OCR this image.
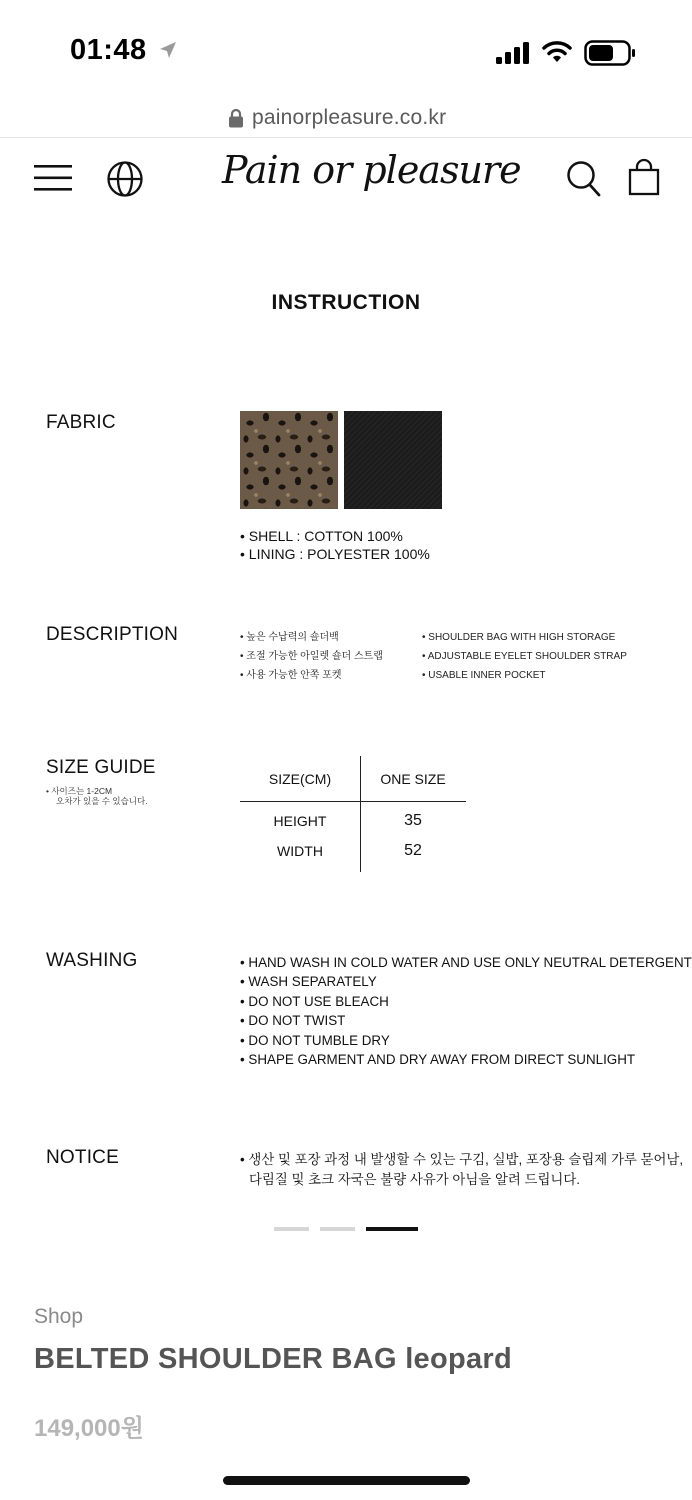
01:48
painorpleasure.co.kr
Pain or pleasure
INSTRUCTION
FABRIC
• SHELL : COTTON 100%
• LINING : POLYESTER 100%
DESCRIPTION	• 높은 수납력의 숄더백
• 조절 가능한 아일렛 숄더 스트랩
• 사용 가능한 안쪽 포켓
• SHOULDER BAG WITH HIGH STORAGE
• ADJUSTABLE EYELET SHOULDER STRAP
• USABLE INNER POCKET
SIZE GUIDE
• 사이즈는 1-2CM
오차가 있을 수 있습니다.
SIZE(CM)	ONE SIZE
HEIGHT	35
WIDTH	52
WASHING	• HAND WASH IN COLD WATER AND USE ONLY NEUTRAL DETERGENT
• WASH SEPARATELY
• DO NOT USE BLEACH
• DO NOT TWIST
• DO NOT TUMBLE DRY
• SHAPE GARMENT AND DRY AWAY FROM DIRECT SUNLIGHT
NOTICE	• 생산 및 포장 과정 내 발생할 수 있는 구김, 실밥, 포장용 슬립제 가루 묻어남,
다림질 및 초크 자국은 불량 사유가 아님을 알려 드립니다.
Shop
BELTED SHOULDER BAG leopard
149,000원
